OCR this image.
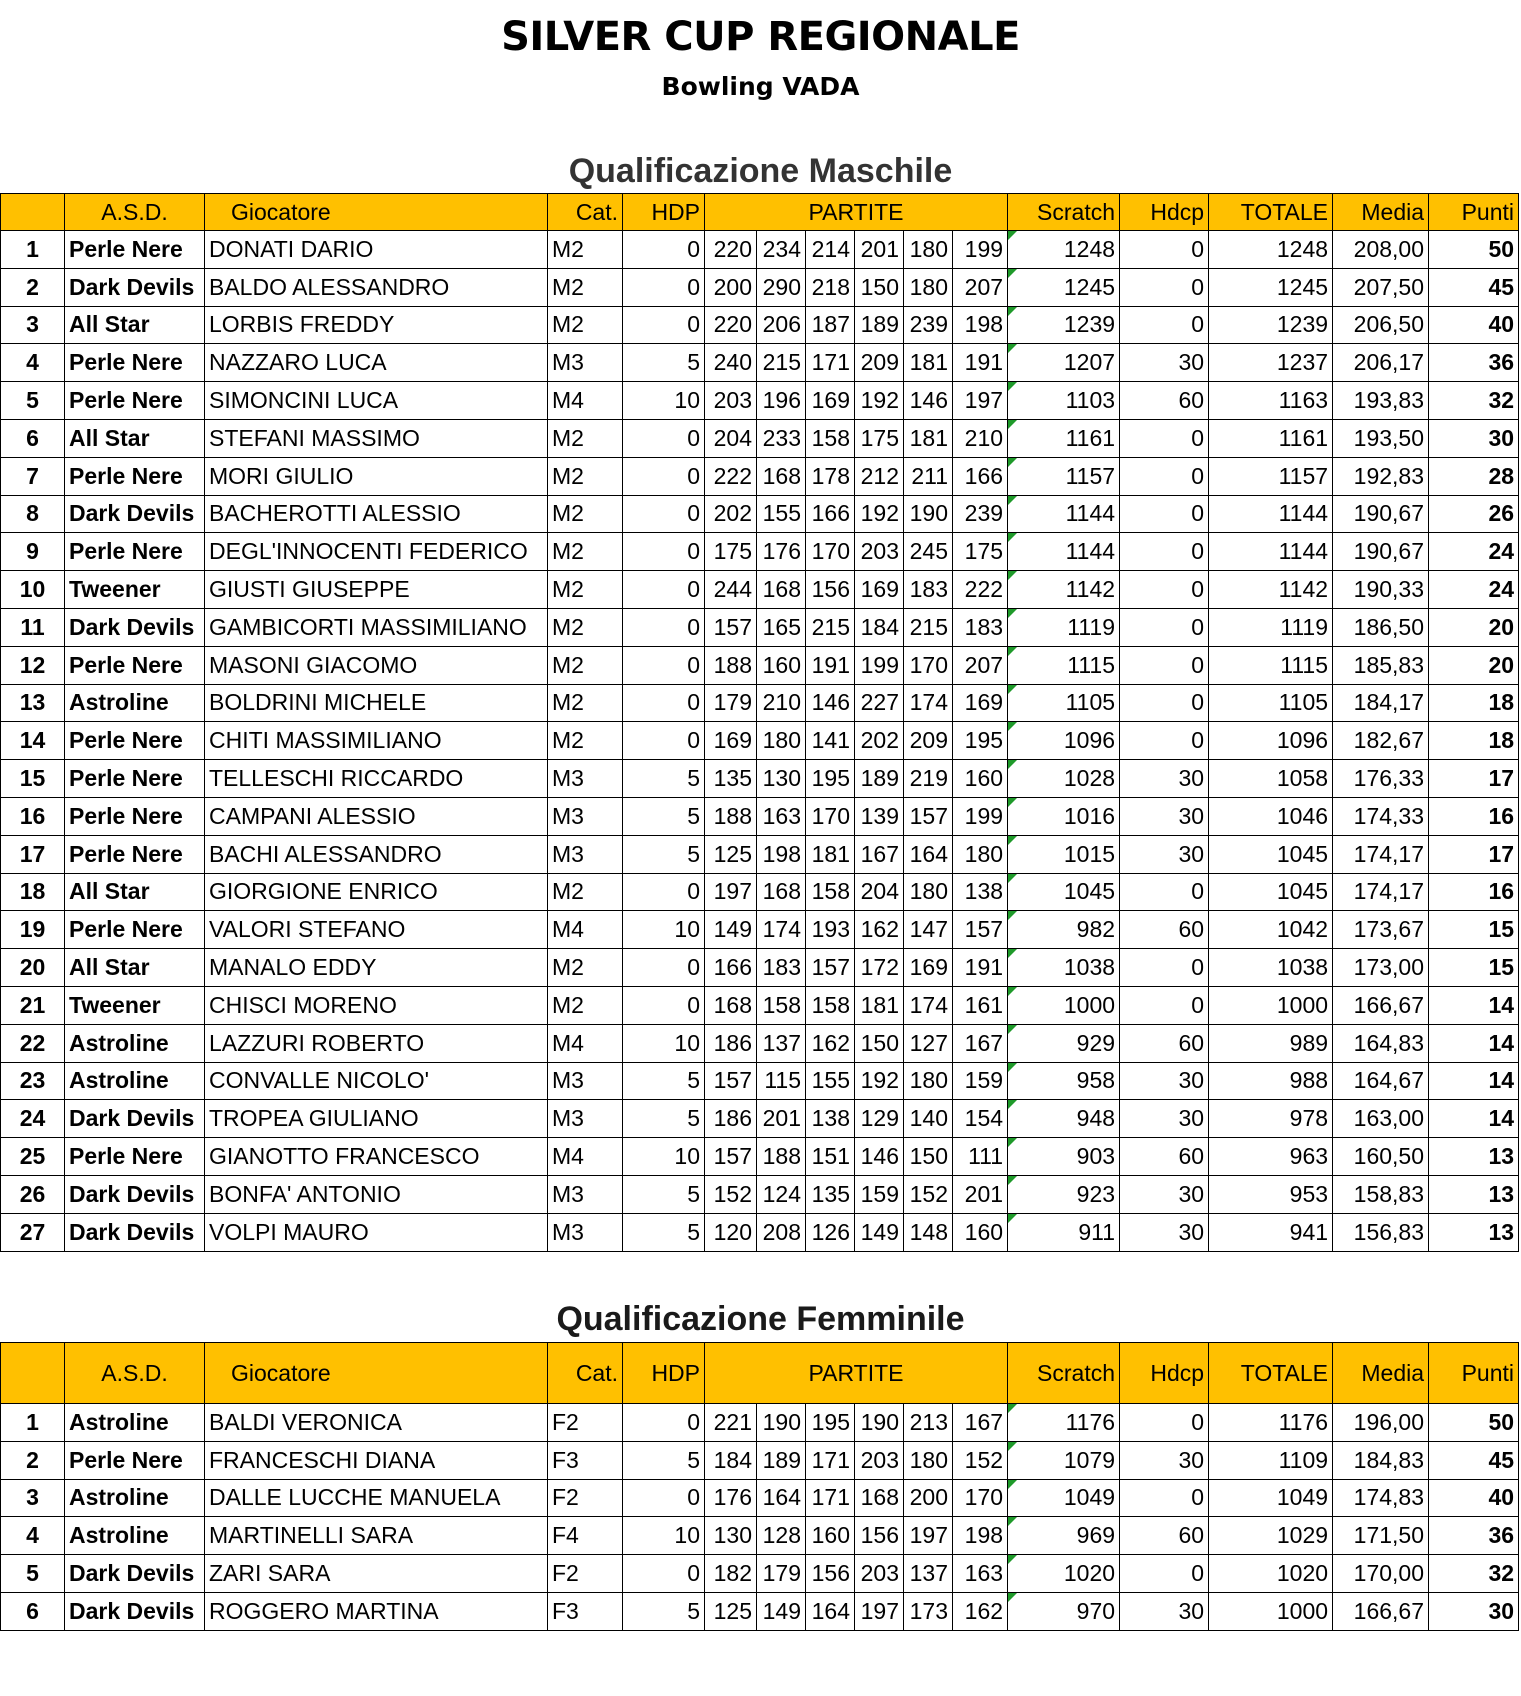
SILVER CUP REGIONALE
Bowling VADA
Qualificazione Maschile
	A.S.D.	Giocatore	Cat.	HDP	PARTITE						Scratch	Hdcp	TOTALE	Media	Punti
1	Perle Nere	DONATI DARIO	M2	0	220	234	214	201	180	199	1248	0	1248	208,00	50
2	Dark Devils	BALDO ALESSANDRO	M2	0	200	290	218	150	180	207	1245	0	1245	207,50	45
3	All Star	LORBIS FREDDY	M2	0	220	206	187	189	239	198	1239	0	1239	206,50	40
4	Perle Nere	NAZZARO LUCA	M3	5	240	215	171	209	181	191	1207	30	1237	206,17	36
5	Perle Nere	SIMONCINI LUCA	M4	10	203	196	169	192	146	197	1103	60	1163	193,83	32
6	All Star	STEFANI MASSIMO	M2	0	204	233	158	175	181	210	1161	0	1161	193,50	30
7	Perle Nere	MORI GIULIO	M2	0	222	168	178	212	211	166	1157	0	1157	192,83	28
8	Dark Devils	BACHEROTTI ALESSIO	M2	0	202	155	166	192	190	239	1144	0	1144	190,67	26
9	Perle Nere	DEGL'INNOCENTI FEDERICO	M2	0	175	176	170	203	245	175	1144	0	1144	190,67	24
10	Tweener	GIUSTI GIUSEPPE	M2	0	244	168	156	169	183	222	1142	0	1142	190,33	24
11	Dark Devils	GAMBICORTI MASSIMILIANO	M2	0	157	165	215	184	215	183	1119	0	1119	186,50	20
12	Perle Nere	MASONI GIACOMO	M2	0	188	160	191	199	170	207	1115	0	1115	185,83	20
13	Astroline	BOLDRINI MICHELE	M2	0	179	210	146	227	174	169	1105	0	1105	184,17	18
14	Perle Nere	CHITI MASSIMILIANO	M2	0	169	180	141	202	209	195	1096	0	1096	182,67	18
15	Perle Nere	TELLESCHI RICCARDO	M3	5	135	130	195	189	219	160	1028	30	1058	176,33	17
16	Perle Nere	CAMPANI ALESSIO	M3	5	188	163	170	139	157	199	1016	30	1046	174,33	16
17	Perle Nere	BACHI ALESSANDRO	M3	5	125	198	181	167	164	180	1015	30	1045	174,17	17
18	All Star	GIORGIONE ENRICO	M2	0	197	168	158	204	180	138	1045	0	1045	174,17	16
19	Perle Nere	VALORI STEFANO	M4	10	149	174	193	162	147	157	982	60	1042	173,67	15
20	All Star	MANALO EDDY	M2	0	166	183	157	172	169	191	1038	0	1038	173,00	15
21	Tweener	CHISCI MORENO	M2	0	168	158	158	181	174	161	1000	0	1000	166,67	14
22	Astroline	LAZZURI ROBERTO	M4	10	186	137	162	150	127	167	929	60	989	164,83	14
23	Astroline	CONVALLE NICOLO'	M3	5	157	115	155	192	180	159	958	30	988	164,67	14
24	Dark Devils	TROPEA GIULIANO	M3	5	186	201	138	129	140	154	948	30	978	163,00	14
25	Perle Nere	GIANOTTO FRANCESCO	M4	10	157	188	151	146	150	111	903	60	963	160,50	13
26	Dark Devils	BONFA' ANTONIO	M3	5	152	124	135	159	152	201	923	30	953	158,83	13
27	Dark Devils	VOLPI MAURO	M3	5	120	208	126	149	148	160	911	30	941	156,83	13
Qualificazione Femminile
	A.S.D.	Giocatore	Cat.	HDP	PARTITE						Scratch	Hdcp	TOTALE	Media	Punti
1	Astroline	BALDI VERONICA	F2	0	221	190	195	190	213	167	1176	0	1176	196,00	50
2	Perle Nere	FRANCESCHI DIANA	F3	5	184	189	171	203	180	152	1079	30	1109	184,83	45
3	Astroline	DALLE LUCCHE MANUELA	F2	0	176	164	171	168	200	170	1049	0	1049	174,83	40
4	Astroline	MARTINELLI SARA	F4	10	130	128	160	156	197	198	969	60	1029	171,50	36
5	Dark Devils	ZARI SARA	F2	0	182	179	156	203	137	163	1020	0	1020	170,00	32
6	Dark Devils	ROGGERO MARTINA	F3	5	125	149	164	197	173	162	970	30	1000	166,67	30
